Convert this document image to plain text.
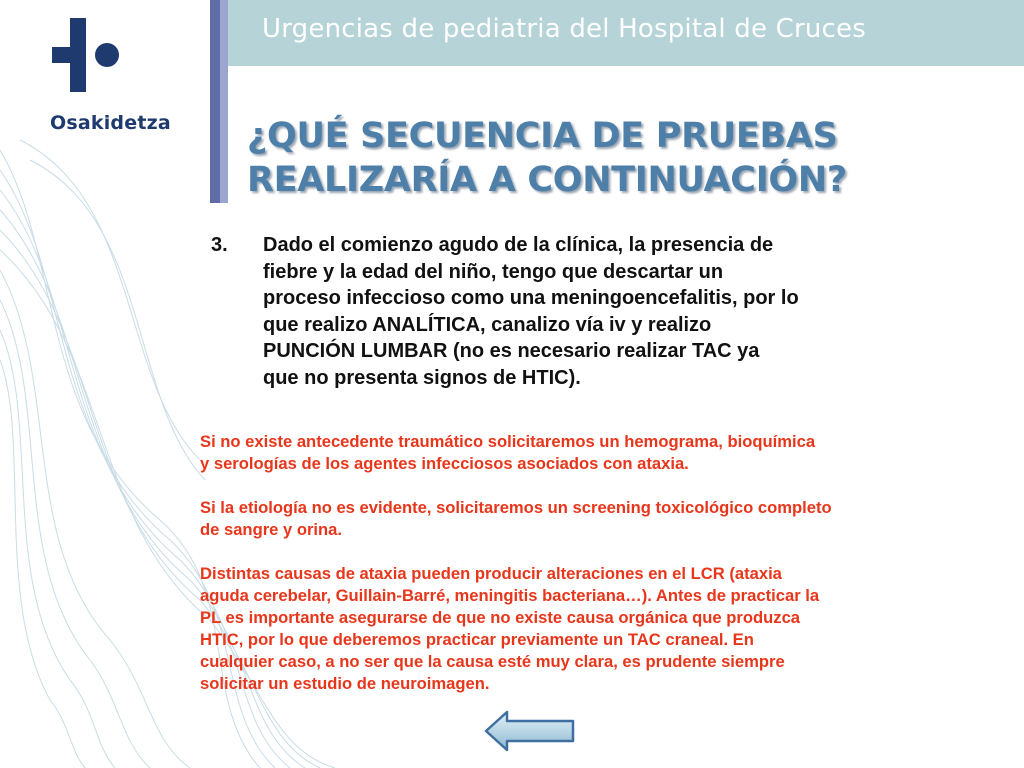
Urgencias de pediatria del Hospital de Cruces
Osakidetza ¿QUÉ SECUENCIA DE PRUEBAS
REALIZARÍA A CONTINUACIÓN?
3. Dado el comienzo agudo de la clínica, la presencia de
fiebre y la edad del niño, tengo que descartar un
proceso infeccioso como una meningoencefalitis, por lo
que realizo ANALÍTICA, canalizo vía iv y realizo
PUNCIÓN LUMBAR (no es necesario realizar TAC ya
que no presenta signos de HTIC).
Si no existe antecedente traumático solicitaremos un hemograma, bioquímica
y serologías de los agentes infecciosos asociados con ataxia.
Si la etiología no es evidente, solicitaremos un screening toxicológico completo
de sangre y orina.
Distintas causas de ataxia pueden producir alteraciones en el LCR (ataxia
aguda cerebelar, Guillain-Barré, meningitis bacteriana…). Antes de practicar la
PL es importante asegurarse de que no existe causa orgánica que produzca
HTIC, por lo que deberemos practicar previamente un TAC craneal. En
cualquier caso, a no ser que la causa esté muy clara, es prudente siempre
solicitar un estudio de neuroimagen.
